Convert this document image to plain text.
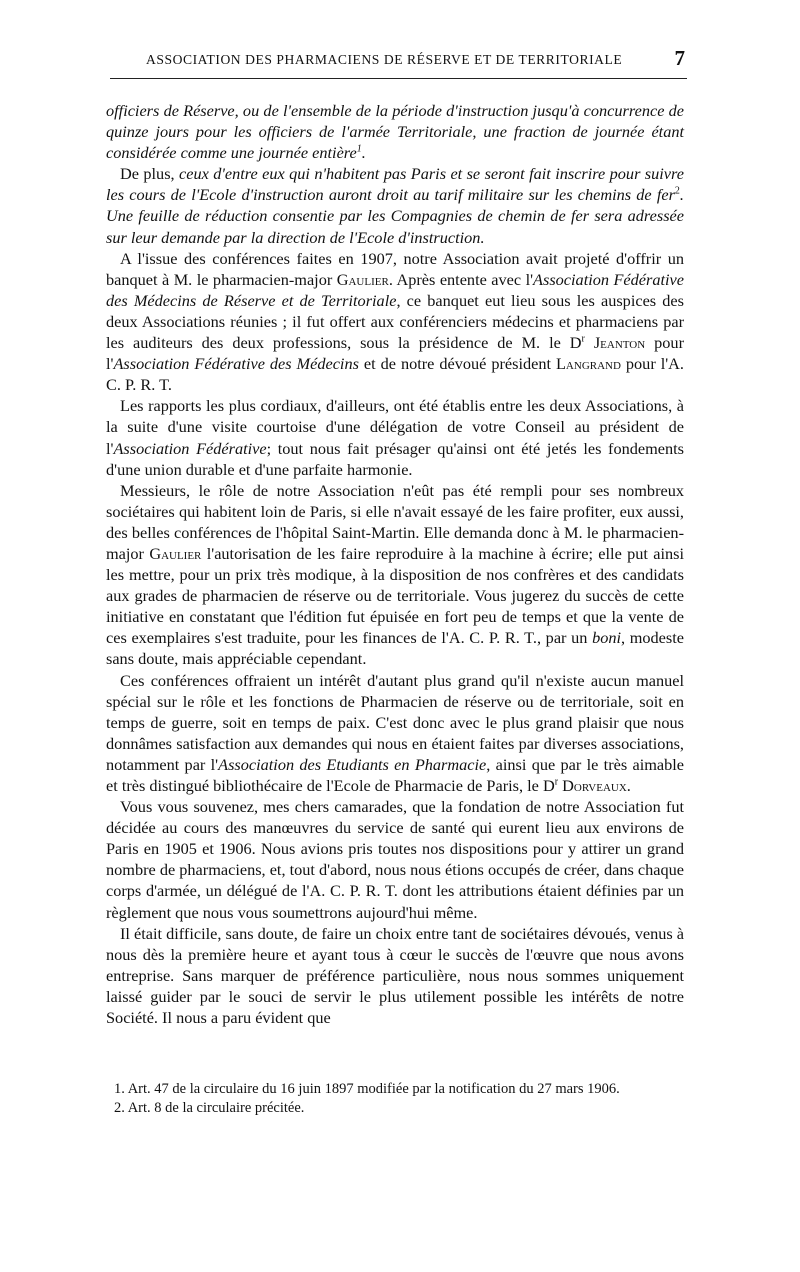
ASSOCIATION DES PHARMACIENS DE RÉSERVE ET DE TERRITORIALE 7

officiers de Réserve, ou de l'ensemble de la période d'instruction jusqu'à concurrence de quinze jours pour les officiers de l'armée Territoriale, une fraction de journée étant considérée comme une journée entière$^1$.

De plus, ceux d'entre eux qui n'habitent pas Paris et se seront fait inscrire pour suivre les cours de l'Ecole d'instruction auront droit au tarif militaire sur les chemins de fer$^2$. Une feuille de réduction consentie par les Compagnies de chemin de fer sera adressée sur leur demande par la direction de l'Ecole d'instruction.

A l'issue des conférences faites en 1907, notre Association avait projeté d'offrir un banquet à M. le pharmacien-major Gaulier. Après entente avec l'Association Fédérative des Médecins de Réserve et de Territoriale, ce banquet eut lieu sous les auspices des deux Associations réunies ; il fut offert aux conférenciers médecins et pharmaciens par les auditeurs des deux professions, sous la présidence de M. le $D^r$ Jeanton pour l'Association Fédérative des Médecins et de notre dévoué président Langrand pour l'A. C. P. R. T.

Les rapports les plus cordiaux, d'ailleurs, ont été établis entre les deux Associations, à la suite d'une visite courtoise d'une délégation de votre Conseil au président de l'Association Fédérative; tout nous fait présager qu'ainsi ont été jetés les fondements d'une union durable et d'une parfaite harmonie.

Messieurs, le rôle de notre Association n'eût pas été rempli pour ses nombreux sociétaires qui habitent loin de Paris, si elle n'avait essayé de les faire profiter, eux aussi, des belles conférences de l'hôpital Saint-Martin. Elle demanda donc à M. le pharmacien-major Gaulier l'autorisation de les faire reproduire à la machine à écrire; elle put ainsi les mettre, pour un prix très modique, à la disposition de nos confrères et des candidats aux grades de pharmacien de réserve ou de territoriale. Vous jugerez du succès de cette initiative en constatant que l'édition fut épuisée en fort peu de temps et que la vente de ces exemplaires s'est traduite, pour les finances de l'A. C. P. R. T., par un boni, modeste sans doute, mais appréciable cependant.

Ces conférences offraient un intérêt d'autant plus grand qu'il n'existe aucun manuel spécial sur le rôle et les fonctions de Pharmacien de réserve ou de territoriale, soit en temps de guerre, soit en temps de paix. C'est donc avec le plus grand plaisir que nous donnâmes satisfaction aux demandes qui nous en étaient faites par diverses associations, notamment par l'Association des Etudiants en Pharmacie, ainsi que par le très aimable et très distingué bibliothécaire de l'Ecole de Pharmacie de Paris, le $D^r$ Dorveaux.

Vous vous souvenez, mes chers camarades, que la fondation de notre Association fut décidée au cours des manœuvres du service de santé qui eurent lieu aux environs de Paris en 1905 et 1906. Nous avions pris toutes nos dispositions pour y attirer un grand nombre de pharmaciens, et, tout d'abord, nous nous étions occupés de créer, dans chaque corps d'armée, un délégué de l'A. C. P. R. T. dont les attributions étaient définies par un règlement que nous vous soumettrons aujourd'hui même.

Il était difficile, sans doute, de faire un choix entre tant de sociétaires dévoués, venus à nous dès la première heure et ayant tous à cœur le succès de l'œuvre que nous avons entreprise. Sans marquer de préférence particulière, nous nous sommes uniquement laissé guider par le souci de servir le plus utilement possible les intérêts de notre Société. Il nous a paru évident que

1. Art. 47 de la circulaire du 16 juin 1897 modifiée par la notification du 27 mars 1906.

2. Art. 8 de la circulaire précitée.
